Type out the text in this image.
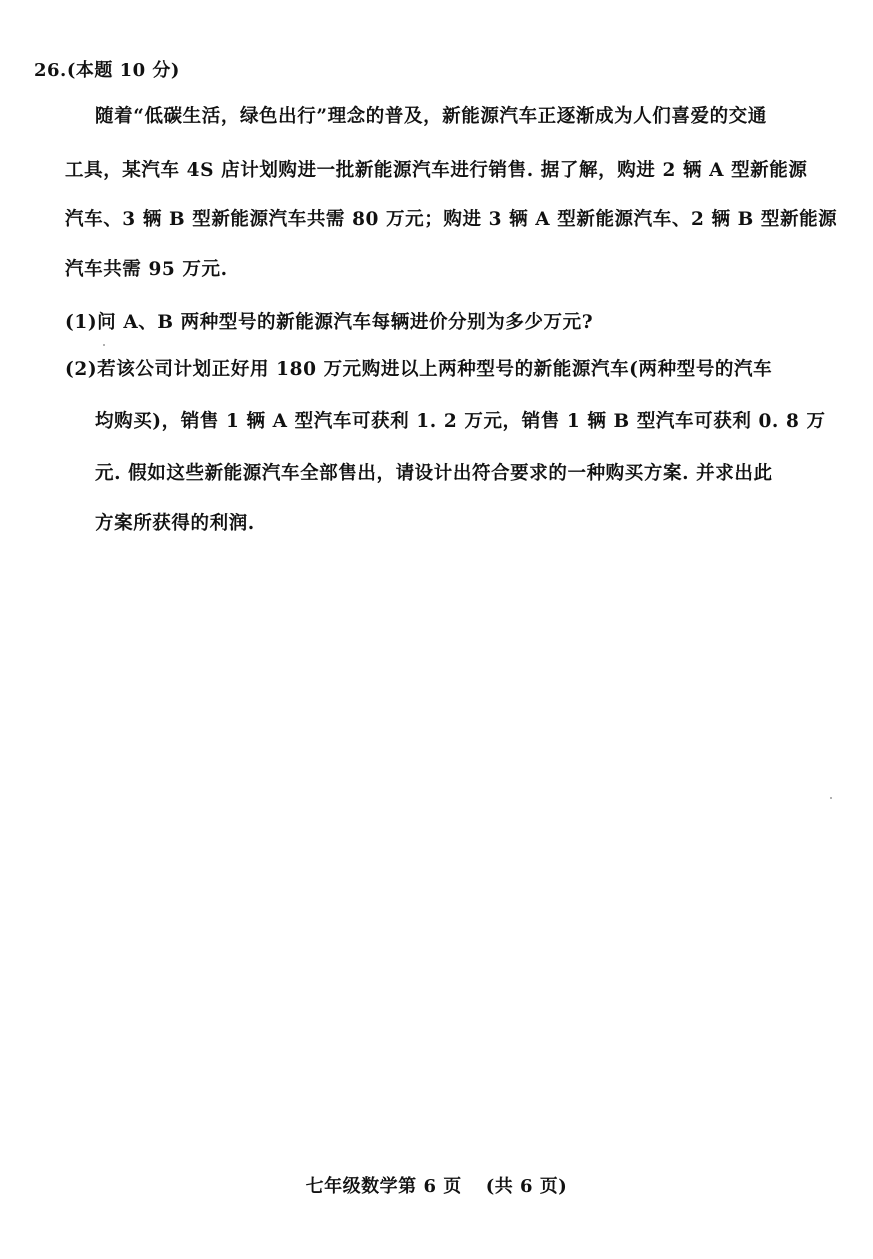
26.(本题 10 分)
随着“低碳生活，绿色出行”理念的普及，新能源汽车正逐渐成为人们喜爱的交通
工具，某汽车 4S 店计划购进一批新能源汽车进行销售. 据了解，购进 2 辆 A 型新能源
汽车、3 辆 B 型新能源汽车共需 80 万元；购进 3 辆 A 型新能源汽车、2 辆 B 型新能源
汽车共需 95 万元.
(1)问 A、B 两种型号的新能源汽车每辆进价分别为多少万元?
(2)若该公司计划正好用 180 万元购进以上两种型号的新能源汽车(两种型号的汽车
均购买)，销售 1 辆 A 型汽车可获利 1. 2 万元，销售 1 辆 B 型汽车可获利 0. 8 万
元. 假如这些新能源汽车全部售出，请设计出符合要求的一种购买方案. 并求出此
方案所获得的利润.
七年级数学第 6 页 (共 6 页)
